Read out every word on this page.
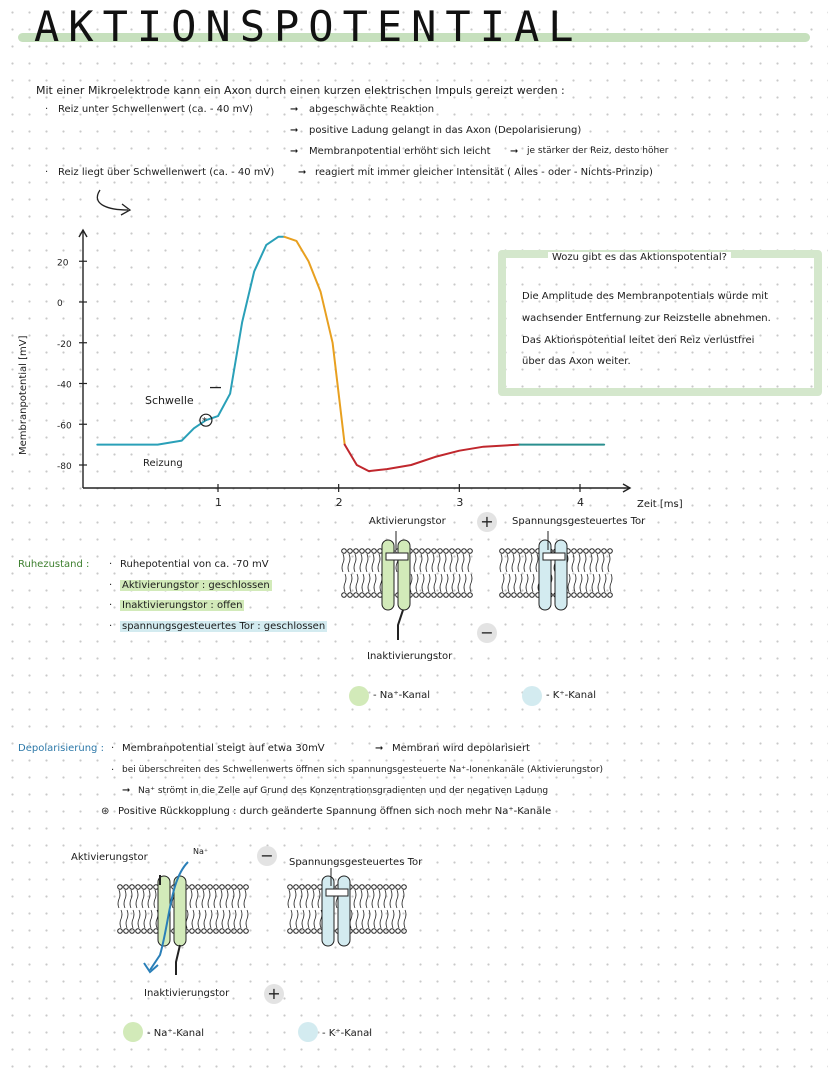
AKTIONSPOTENTIAL
Mit einer Mikroelektrode kann ein Axon durch einen kurzen elektrischen Impuls gereizt werden :
· Reiz unter Schwellenwert (ca. - 40 mV)	➞ abgeschwächte Reaktion
➞ positive Ladung gelangt in das Axon (Depolarisierung)
➞ Membranpotential erhöht sich leicht ➞ je stärker der Reiz, desto höher
· Reiz liegt über Schwellenwert (ca. - 40 mV) ➞ reagiert mit immer gleicher Intensität ( Alles - oder - Nichts-Prinzip)
1	2	3	4
20
0
-20
-40
-60
-80
*
Membranpotential [mV]
Zeit [ms]
Schwelle
Reizung
Wozu gibt es das Aktionspotential?
Die Amplitude des Membranpotentials würde mit
wachsender Entfernung zur Reizstelle abnehmen.
Das Aktionspotential leitet den Reiz verlustfrei
über das Axon weiter.
Ruhezustand : · Ruhepotential von ca. -70 mV
· Aktivierungstor : geschlossen
· Inaktivierungstor : offen
· spannungsgesteuertes Tor : geschlossen
Aktivierungstor +	Spannungsgesteuertes Tor
−
Inaktivierungstor
- Na⁺-Kanal	- K⁺-Kanal
Depolarisierung : · Membranpotential steigt auf etwa 30mV	➞ Membran wird depolarisiert
· bei überschreiten des Schwellenwerts öffnen sich spannungsgesteuerte Na⁺-Ionenkanäle (Aktivierungstor)
➞ Na⁺ strömt in die Zelle auf Grund des Konzentrationsgradienten und der negativen Ladung
⊛ Positive Rückkopplung : durch geänderte Spannung öffnen sich noch mehr Na⁺-Kanäle
Aktivierungstor
Na⁺	−	Spannungsgesteuertes Tor
Inaktivierungstor +
- Na⁺-Kanal	- K⁺-Kanal
